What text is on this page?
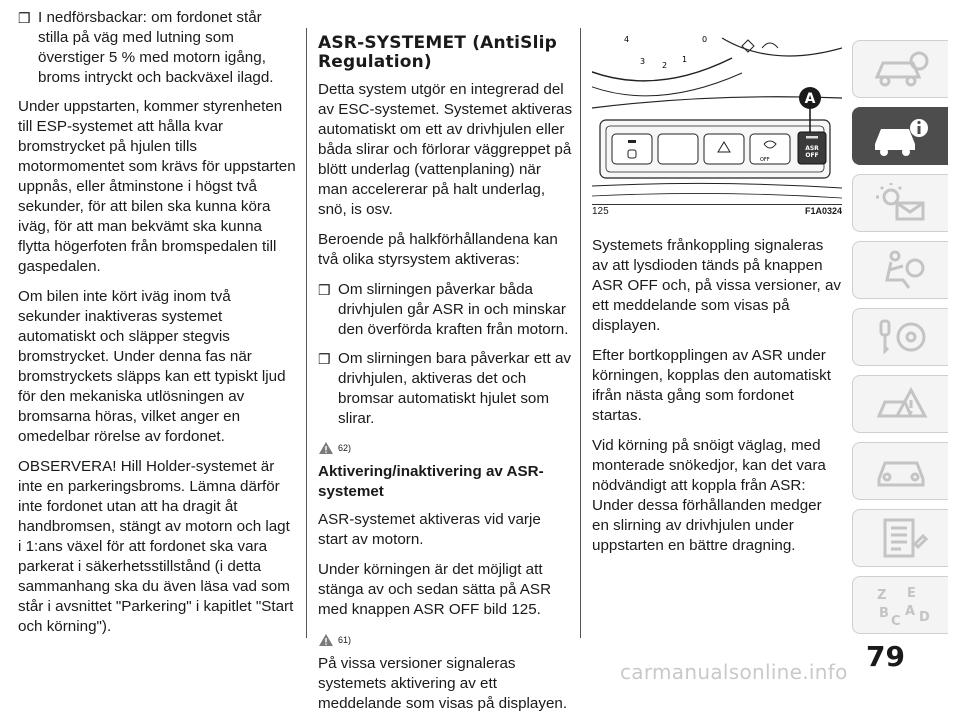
❒ I nedförsbackar: om fordonet står stilla på väg med lutning som överstiger 5 % med motorn igång, broms intryckt och backväxel ilagd.

Under uppstarten, kommer styrenheten till ESP-systemet att hålla kvar bromstrycket på hjulen tills motormomentet som krävs för uppstarten uppnås, eller åtminstone i högst två sekunder, för att bilen ska kunna köra iväg, för att man bekvämt ska kunna flytta högerfoten från bromspedalen till gaspedalen.

Om bilen inte kört iväg inom två sekunder inaktiveras systemet automatiskt och släpper stegvis bromstrycket. Under denna fas när bromstryckets släpps kan ett typiskt ljud för den mekaniska utlösningen av bromsarna höras, vilket anger en omedelbar rörelse av fordonet.

OBSERVERA! Hill Holder-systemet är inte en parkeringsbroms. Lämna därför inte fordonet utan att ha dragit åt handbromsen, stängt av motorn och lagt i 1:ans växel för att fordonet ska vara parkerat i säkerhetsstillstånd (i detta sammanhang ska du även läsa vad som står i avsnittet "Parkering" i kapitlet "Start och körning").

ASR-SYSTEMET (AntiSlip Regulation)

Detta system utgör en integrerad del av ESC-systemet. Systemet aktiveras automatiskt om ett av drivhjulen eller båda slirar och förlorar väggreppet på blött underlag (vattenplaning) när man accelererar på halt underlag, snö, is osv.

Beroende på halkförhållandena kan två olika styrsystem aktiveras:

❒ Om slirningen påverkar båda drivhjulen går ASR in och minskar den överförda kraften från motorn.
❒ Om slirningen bara påverkar ett av drivhjulen, aktiveras det och bromsar automatiskt hjulet som slirar.
62)
Aktivering/inaktivering av ASR-systemet

ASR-systemet aktiveras vid varje start av motorn.

Under körningen är det möjligt att stänga av och sedan sätta på ASR med knappen ASR OFF bild 125.

61)

På vissa versioner signaleras systemets aktivering av ett meddelande som visas på displayen.

4
3 2
1
0
OFF
ASR
OFF
A
125	F1A0324

Systemets frånkoppling signaleras av att lysdioden tänds på knappen ASR OFF och, på vissa versioner, av ett meddelande som visas på displayen.

Efter bortkopplingen av ASR under körningen, kopplas den automatiskt ifrån nästa gång som fordonet startas.

Vid körning på snöigt väglag, med monterade snökedjor, kan det vara nödvändigt att koppla från ASR: Under dessa förhållanden medger en slirning av drivhjulen under uppstarten en bättre dragning.

Z E
B A
C D
79
carmanualsonline.info
